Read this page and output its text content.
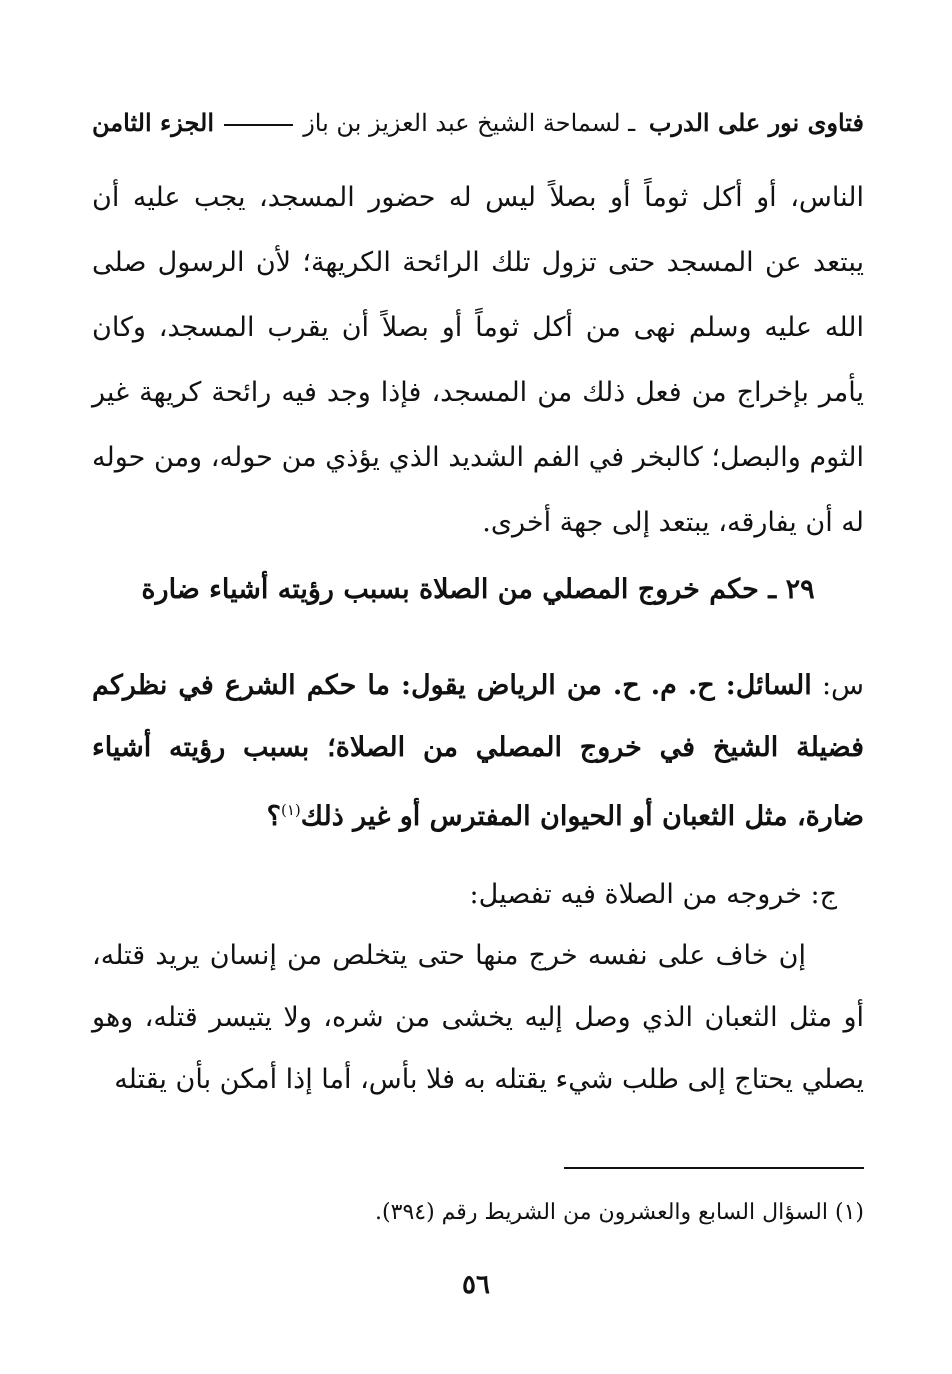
فتاوى نور على الدرب ـ لسماحة الشيخ عبد العزيز بن باز
الجزء الثامن
الناس، أو أكل ثوماً أو بصلاً ليس له حضور المسجد، يجب عليه أن يبتعد عن المسجد حتى تزول تلك الرائحة الكريهة؛ لأن الرسول صلى الله عليه وسلم نهى من أكل ثوماً أو بصلاً أن يقرب المسجد، وكان يأمر بإخراج من فعل ذلك من المسجد، فإذا وجد فيه رائحة كريهة غير الثوم والبصل؛ كالبخر في الفم الشديد الذي يؤذي من حوله، ومن حوله له أن يفارقه، يبتعد إلى جهة أخرى.
٢٩ ـ حكم خروج المصلي من الصلاة بسبب رؤيته أشياء ضارة
س: السائل: ح. م. ح. من الرياض يقول: ما حكم الشرع في نظركم فضيلة الشيخ في خروج المصلي من الصلاة؛ بسبب رؤيته أشياء ضارة، مثل الثعبان أو الحيوان المفترس أو غير ذلك$^{(١)}$؟
ج: خروجه من الصلاة فيه تفصيل:
إن خاف على نفسه خرج منها حتى يتخلص من إنسان يريد قتله، أو مثل الثعبان الذي وصل إليه يخشى من شره، ولا يتيسر قتله، وهو يصلي يحتاج إلى طلب شيء يقتله به فلا بأس، أما إذا أمكن بأن يقتله
(١) السؤال السابع والعشرون من الشريط رقم (٣٩٤).
٥٦
